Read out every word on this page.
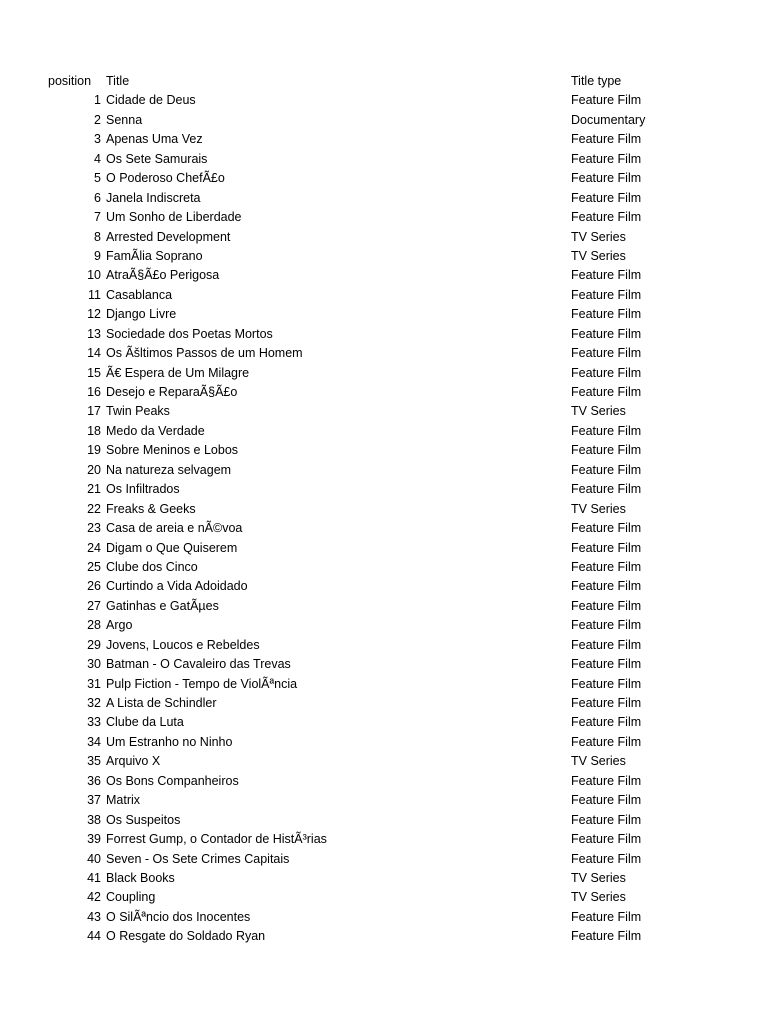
position Title	Title type
1 Cidade de Deus	Feature Film
2 Senna	Documentary
3 Apenas Uma Vez	Feature Film
4 Os Sete Samurais	Feature Film
5 O Poderoso ChefÃ£o	Feature Film
6 Janela Indiscreta	Feature Film
7 Um Sonho de Liberdade	Feature Film
8 Arrested Development	TV Series
9 FamÃlia Soprano	TV Series
10 AtraÃ§Ã£o Perigosa	Feature Film
11 Casablanca	Feature Film
12 Django Livre	Feature Film
13 Sociedade dos Poetas Mortos	Feature Film
14 Os Ãšltimos Passos de um Homem	Feature Film
15 Ã€ Espera de Um Milagre	Feature Film
16 Desejo e ReparaÃ§Ã£o	Feature Film
17 Twin Peaks	TV Series
18 Medo da Verdade	Feature Film
19 Sobre Meninos e Lobos	Feature Film
20 Na natureza selvagem	Feature Film
21 Os Infiltrados	Feature Film
22 Freaks & Geeks	TV Series
23 Casa de areia e nÃ©voa	Feature Film
24 Digam o Que Quiserem	Feature Film
25 Clube dos Cinco	Feature Film
26 Curtindo a Vida Adoidado	Feature Film
27 Gatinhas e GatÃµes	Feature Film
28 Argo	Feature Film
29 Jovens, Loucos e Rebeldes	Feature Film
30 Batman - O Cavaleiro das Trevas	Feature Film
31 Pulp Fiction - Tempo de ViolÃªncia	Feature Film
32 A Lista de Schindler	Feature Film
33 Clube da Luta	Feature Film
34 Um Estranho no Ninho	Feature Film
35 Arquivo X	TV Series
36 Os Bons Companheiros	Feature Film
37 Matrix	Feature Film
38 Os Suspeitos	Feature Film
39 Forrest Gump, o Contador de HistÃ³rias	Feature Film
40 Seven - Os Sete Crimes Capitais	Feature Film
41 Black Books	TV Series
42 Coupling	TV Series
43 O SilÃªncio dos Inocentes	Feature Film
44 O Resgate do Soldado Ryan	Feature Film
